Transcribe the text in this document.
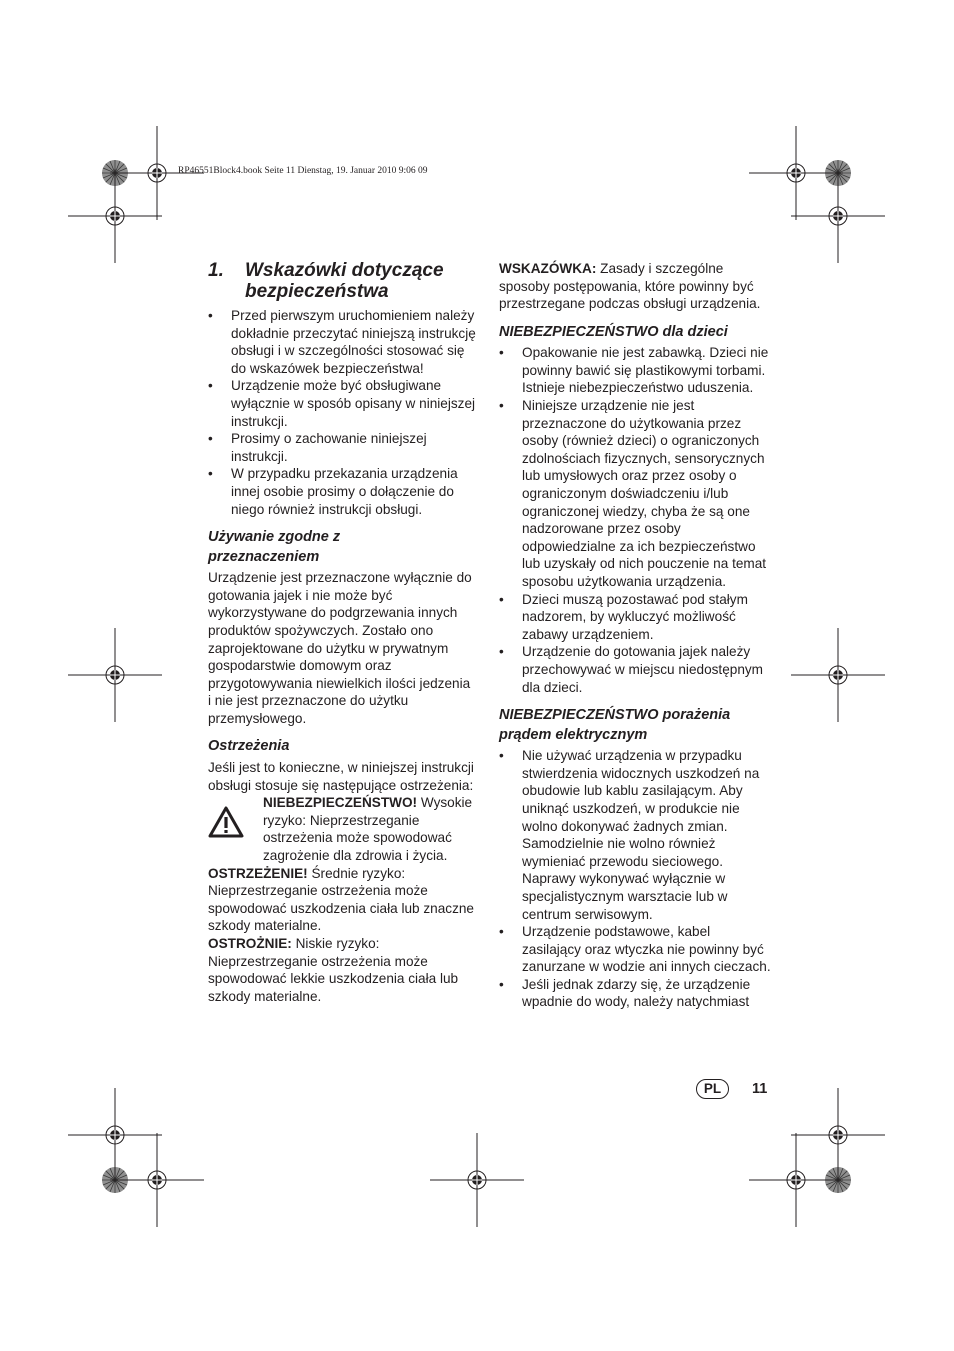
RP46551Block4.book Seite 11 Dienstag, 19. Januar 2010 9:06 09
1.	Wskazówki dotyczące
bezpieczeństwa
• Przed pierwszym uruchomieniem należy dokładnie przeczytać niniejszą instrukcję obsługi i w szczególności stosować się do wskazówek bezpieczeństwa!
• Urządzenie może być obsługiwane wyłącznie w sposób opisany w niniejszej instrukcji.
• Prosimy o zachowanie niniejszej instrukcji.
• W przypadku przekazania urządzenia innej osobie prosimy o dołączenie do niego również instrukcji obsługi.
Używanie zgodne z
przeznaczeniem

Urządzenie jest przeznaczone wyłącznie do gotowania jajek i nie może być wykorzystywane do podgrzewania innych produktów spożywczych. Zostało ono zaprojektowane do użytku w prywatnym gospodarstwie domowym oraz przygotowywania niewielkich ilości jedzenia i nie jest przeznaczone do użytku przemysłowego.

Ostrzeżenia

Jeśli jest to konieczne, w niniejszej instrukcji obsługi stosuje się następujące ostrzeżenia:

NIEBEZPIECZEŃSTWO! Wysokie ryzyko: Nieprzestrzeganie ostrzeżenia może spowodować zagrożenie dla zdrowia i życia.

OSTRZEŻENIE! Średnie ryzyko: Nieprzestrzeganie ostrzeżenia może spowodować uszkodzenia ciała lub znaczne szkody materialne.

OSTROŻNIE: Niskie ryzyko: Nieprzestrzeganie ostrzeżenia może spowodować lekkie uszkodzenia ciała lub szkody materialne.

WSKAZÓWKA: Zasady i szczególne sposoby postępowania, które powinny być przestrzegane podczas obsługi urządzenia.

NIEBEZPIECZEŃSTWO dla dzieci
• Opakowanie nie jest zabawką. Dzieci nie powinny bawić się plastikowymi torbami. Istnieje niebezpieczeństwo uduszenia.
• Niniejsze urządzenie nie jest przeznaczone do użytkowania przez osoby (również dzieci) o ograniczonych zdolnościach fizycznych, sensorycznych lub umysłowych oraz przez osoby o ograniczonym doświadczeniu i/lub ograniczonej wiedzy, chyba że są one nadzorowane przez osoby odpowiedzialne za ich bezpieczeństwo lub uzyskały od nich pouczenie na temat sposobu użytkowania urządzenia.
• Dzieci muszą pozostawać pod stałym nadzorem, by wykluczyć możliwość zabawy urządzeniem.
• Urządzenie do gotowania jajek należy przechowywać w miejscu niedostępnym dla dzieci.
NIEBEZPIECZEŃSTWO porażenia
prądem elektrycznym
• Nie używać urządzenia w przypadku stwierdzenia widocznych uszkodzeń na obudowie lub kablu zasilającym. Aby uniknąć uszkodzeń, w produkcie nie wolno dokonywać żadnych zmian. Samodzielnie nie wolno również wymieniać przewodu sieciowego. Naprawy wykonywać wyłącznie w specjalistycznym warsztacie lub w centrum serwisowym.
• Urządzenie podstawowe, kabel zasilający oraz wtyczka nie powinny być zanurzane w wodzie ani innych cieczach.
• Jeśli jednak zdarzy się, że urządzenie wpadnie do wody, należy natychmiast
PL	11
